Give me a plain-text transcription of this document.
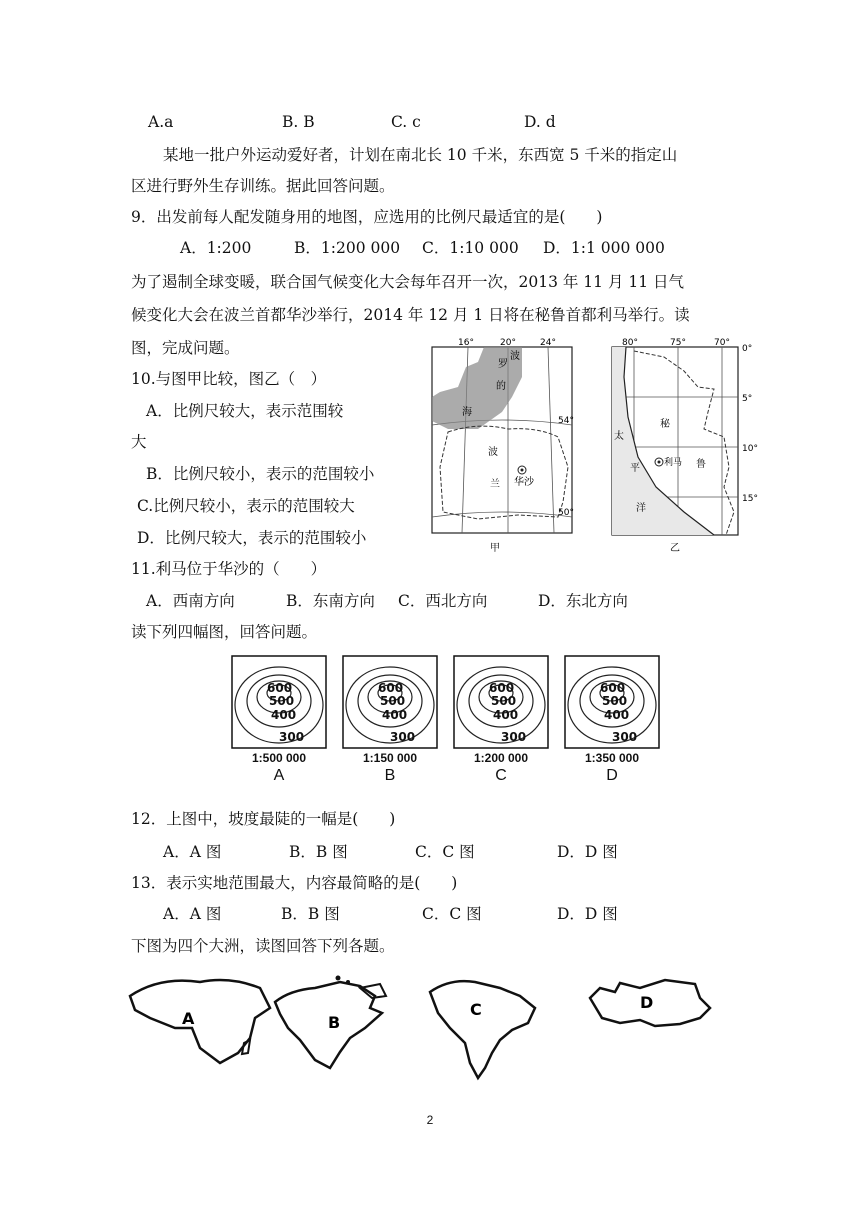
A.a	B. B	C. c	D. d
某地一批户外运动爱好者，计划在南北长 10 千米，东西宽 5 千米的指定山
区进行野外生存训练。据此回答问题。
9．出发前每人配发随身用的地图，应选用的比例尺最适宜的是(　　)
A．1:200	B．1:200 000 C．1:10 000 D．1:1 000 000
为了遏制全球变暖，联合国气候变化大会每年召开一次，2013 年 11 月 11 日气
候变化大会在波兰首都华沙举行，2014 年 12 月 1 日将在秘鲁首都利马举行。读
图，完成问题。
10.与图甲比较，图乙（　）
A．比例尺较大，表示范围较
大
B．比例尺较小，表示的范围较小
C.比例尺较小，表示的范围较大
D．比例尺较大，表示的范围较小
16°	20°	24°
54°
50°
波
罗
的
海
波
兰 华沙
甲
80°	75°	70°
0°
5°
10°
15°
秘
鲁
太
平
洋
利马
乙
11.利马位于华沙的（　　）
A．西南方向	B．东南方向 C．西北方向	D．东北方向
读下列四幅图，回答问题。
600
500
400
300
1:500 000
A
600
500
400
300
1:150 000
B
600
500
400
300
1:200 000
C
600
500
400
300
1:350 000
D
12．上图中，坡度最陡的一幅是(　　)
A．A 图	B．B 图	C．C 图	D．D 图
13．表示实地范围最大，内容最简略的是(　　)
A．A 图	B．B 图	C．C 图	D．D 图
下图为四个大洲，读图回答下列各题。
A	B
C	D
2
